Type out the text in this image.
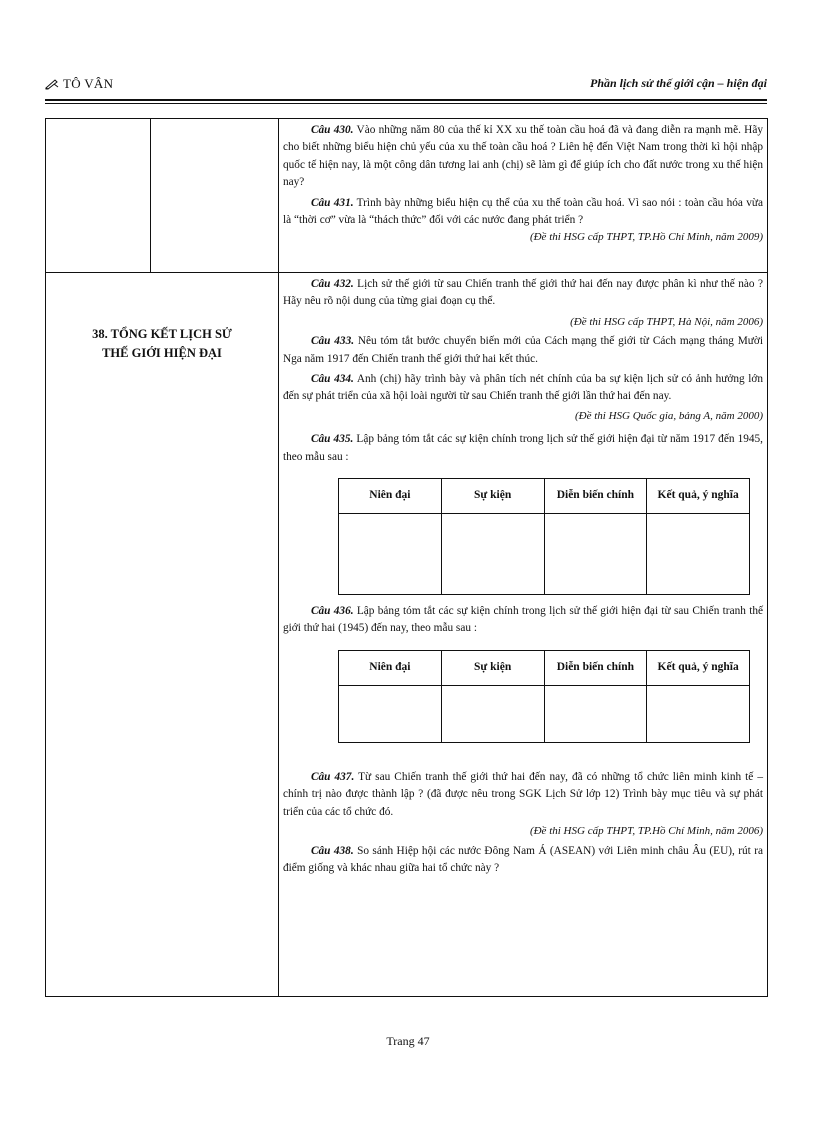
TÔ VÂN	Phần lịch sử thế giới cận – hiện đại

Câu 430. Vào những năm 80 của thế kỉ XX xu thế toàn cầu hoá đã và đang diễn ra mạnh mẽ. Hãy cho biết những biểu hiện chủ yếu của xu thế toàn cầu hoá ? Liên hệ đến Việt Nam trong thời kì hội nhập quốc tế hiện nay, là một công dân tương lai anh (chị) sẽ làm gì để giúp ích cho đất nước trong xu thế hiện nay?

Câu 431. Trình bày những biểu hiện cụ thể của xu thế toàn cầu hoá. Vì sao nói : toàn cầu hóa vừa là “thời cơ” vừa là “thách thức” đối với các nước đang phát triển ?

(Đề thi HSG cấp THPT, TP.Hồ Chí Minh, năm 2009)

38. TỔNG KẾT LỊCH SỬ
THẾ GIỚI HIỆN ĐẠI

Câu 432. Lịch sử thế giới từ sau Chiến tranh thế giới thứ hai đến nay được phân kì như thế nào ? Hãy nêu rõ nội dung của từng giai đoạn cụ thể.

(Đề thi HSG cấp THPT, Hà Nội, năm 2006)

Câu 433. Nêu tóm tắt bước chuyển biến mới của Cách mạng thế giới từ Cách mạng tháng Mười Nga năm 1917 đến Chiến tranh thế giới thứ hai kết thúc.

Câu 434. Anh (chị) hãy trình bày và phân tích nét chính của ba sự kiện lịch sử có ảnh hưởng lớn đến sự phát triển của xã hội loài người từ sau Chiến tranh thế giới lần thứ hai đến nay.

(Đề thi HSG Quốc gia, bảng A, năm 2000)

Câu 435. Lập bảng tóm tắt các sự kiện chính trong lịch sử thế giới hiện đại từ năm 1917 đến 1945, theo mẫu sau :

Niên đại	Sự kiện	Diễn biến chính	Kết quả, ý nghĩa

Câu 436. Lập bảng tóm tắt các sự kiện chính trong lịch sử thế giới hiện đại từ sau Chiến tranh thế giới thứ hai (1945) đến nay, theo mẫu sau :

Niên đại	Sự kiện	Diễn biến chính	Kết quả, ý nghĩa

Câu 437. Từ sau Chiến tranh thế giới thứ hai đến nay, đã có những tổ chức liên minh kinh tế – chính trị nào được thành lập ? (đã được nêu trong SGK Lịch Sử lớp 12) Trình bày mục tiêu và sự phát triển của các tổ chức đó.

(Đề thi HSG cấp THPT, TP.Hồ Chí Minh, năm 2006)

Câu 438. So sánh Hiệp hội các nước Đông Nam Á (ASEAN) với Liên minh châu Âu (EU), rút ra điểm giống và khác nhau giữa hai tổ chức này ?

Trang 47
